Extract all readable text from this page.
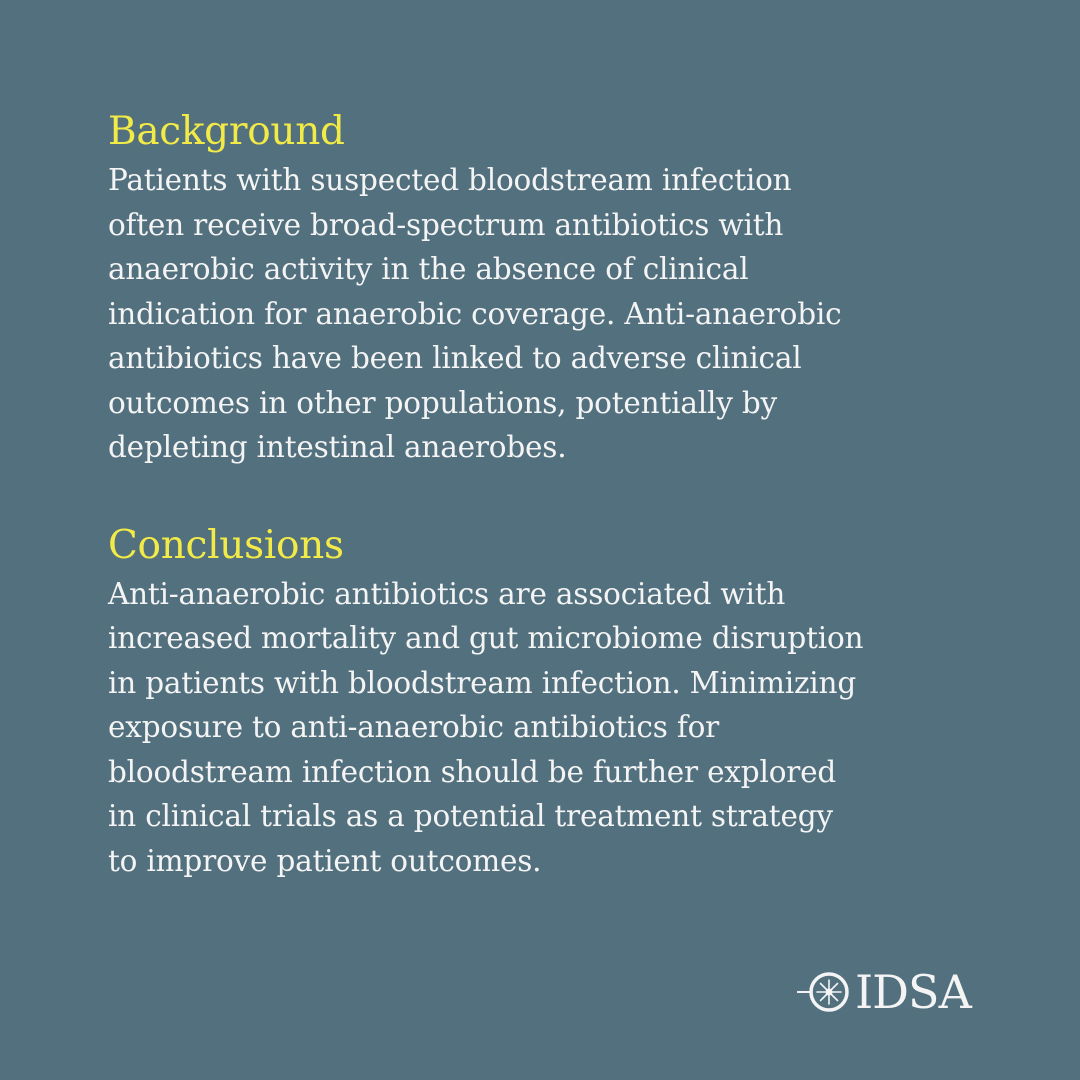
Background

Patients with suspected bloodstream infection
often receive broad-spectrum antibiotics with
anaerobic activity in the absence of clinical
indication for anaerobic coverage. Anti-anaerobic
antibiotics have been linked to adverse clinical
outcomes in other populations, potentially by
depleting intestinal anaerobes.

Conclusions

Anti-anaerobic antibiotics are associated with
increased mortality and gut microbiome disruption
in patients with bloodstream infection. Minimizing
exposure to anti-anaerobic antibiotics for
bloodstream infection should be further explored
in clinical trials as a potential treatment strategy
to improve patient outcomes.

IDSA
